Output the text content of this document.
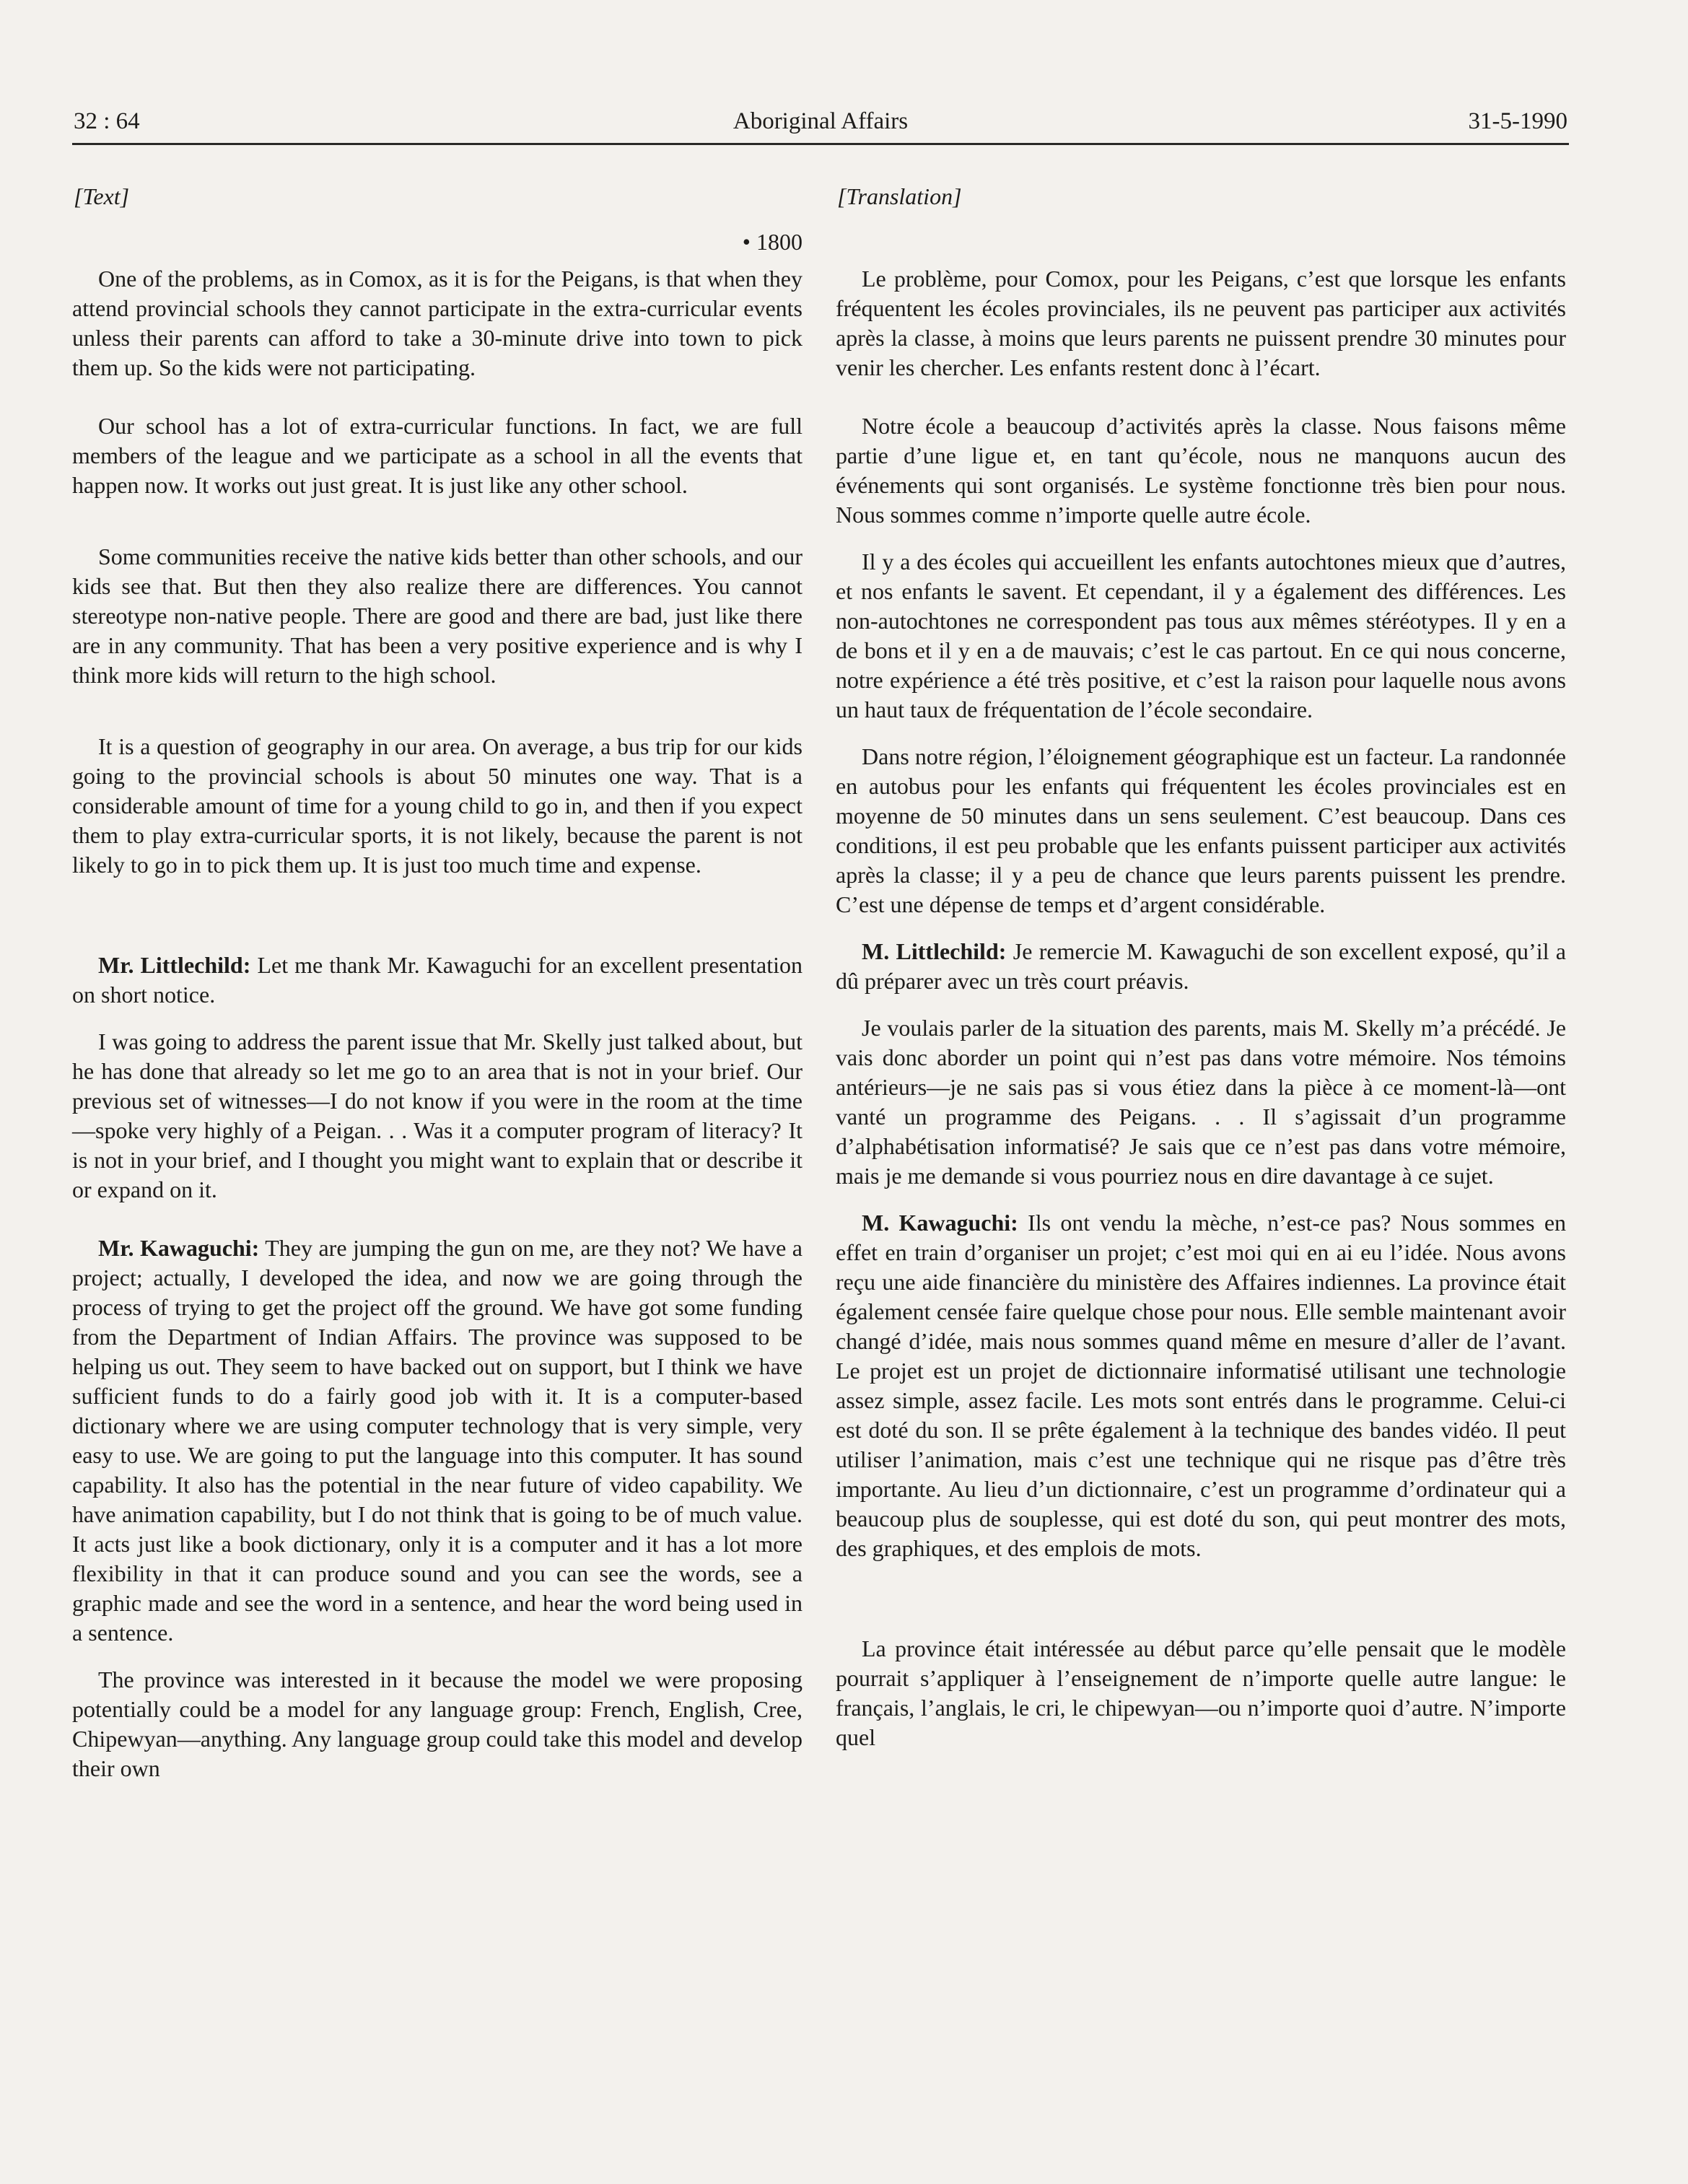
32 : 64	Aboriginal Affairs	31-5-1990
[Text]
• 1800

One of the problems, as in Comox, as it is for the Peigans, is that when they attend provincial schools they cannot participate in the extra-curricular events unless their parents can afford to take a 30-minute drive into town to pick them up. So the kids were not participating.

Our school has a lot of extra-curricular functions. In fact, we are full members of the league and we participate as a school in all the events that happen now. It works out just great. It is just like any other school.

Some communities receive the native kids better than other schools, and our kids see that. But then they also realize there are differences. You cannot stereotype non-native people. There are good and there are bad, just like there are in any community. That has been a very positive experience and is why I think more kids will return to the high school.

It is a question of geography in our area. On average, a bus trip for our kids going to the provincial schools is about 50 minutes one way. That is a considerable amount of time for a young child to go in, and then if you expect them to play extra-curricular sports, it is not likely, because the parent is not likely to go in to pick them up. It is just too much time and expense.

Mr. Littlechild: Let me thank Mr. Kawaguchi for an excellent presentation on short notice.

I was going to address the parent issue that Mr. Skelly just talked about, but he has done that already so let me go to an area that is not in your brief. Our previous set of witnesses—I do not know if you were in the room at the time—spoke very highly of a Peigan. . . Was it a computer program of literacy? It is not in your brief, and I thought you might want to explain that or describe it or expand on it.

Mr. Kawaguchi: They are jumping the gun on me, are they not? We have a project; actually, I developed the idea, and now we are going through the process of trying to get the project off the ground. We have got some funding from the Department of Indian Affairs. The province was supposed to be helping us out. They seem to have backed out on support, but I think we have sufficient funds to do a fairly good job with it. It is a computer-based dictionary where we are using computer technology that is very simple, very easy to use. We are going to put the language into this computer. It has sound capability. It also has the potential in the near future of video capability. We have animation capability, but I do not think that is going to be of much value. It acts just like a book dictionary, only it is a computer and it has a lot more flexibility in that it can produce sound and you can see the words, see a graphic made and see the word in a sentence, and hear the word being used in a sentence.

The province was interested in it because the model we were proposing potentially could be a model for any language group: French, English, Cree, Chipewyan—anything. Any language group could take this model and develop their own

[Translation]

Le problème, pour Comox, pour les Peigans, c’est que lorsque les enfants fréquentent les écoles provinciales, ils ne peuvent pas participer aux activités après la classe, à moins que leurs parents ne puissent prendre 30 minutes pour venir les chercher. Les enfants restent donc à l’écart.

Notre école a beaucoup d’activités après la classe. Nous faisons même partie d’une ligue et, en tant qu’école, nous ne manquons aucun des événements qui sont organisés. Le système fonctionne très bien pour nous. Nous sommes comme n’importe quelle autre école.

Il y a des écoles qui accueillent les enfants autochtones mieux que d’autres, et nos enfants le savent. Et cependant, il y a également des différences. Les non-autochtones ne correspondent pas tous aux mêmes stéréotypes. Il y en a de bons et il y en a de mauvais; c’est le cas partout. En ce qui nous concerne, notre expérience a été très positive, et c’est la raison pour laquelle nous avons un haut taux de fréquentation de l’école secondaire.

Dans notre région, l’éloignement géographique est un facteur. La randonnée en autobus pour les enfants qui fréquentent les écoles provinciales est en moyenne de 50 minutes dans un sens seulement. C’est beaucoup. Dans ces conditions, il est peu probable que les enfants puissent participer aux activités après la classe; il y a peu de chance que leurs parents puissent les prendre. C’est une dépense de temps et d’argent considérable.

M. Littlechild: Je remercie M. Kawaguchi de son excellent exposé, qu’il a dû préparer avec un très court préavis.

Je voulais parler de la situation des parents, mais M. Skelly m’a précédé. Je vais donc aborder un point qui n’est pas dans votre mémoire. Nos témoins antérieurs—je ne sais pas si vous étiez dans la pièce à ce moment-là—ont vanté un programme des Peigans. . . Il s’agissait d’un programme d’alphabétisation informatisé? Je sais que ce n’est pas dans votre mémoire, mais je me demande si vous pourriez nous en dire davantage à ce sujet.

M. Kawaguchi: Ils ont vendu la mèche, n’est-ce pas? Nous sommes en effet en train d’organiser un projet; c’est moi qui en ai eu l’idée. Nous avons reçu une aide financière du ministère des Affaires indiennes. La province était également censée faire quelque chose pour nous. Elle semble maintenant avoir changé d’idée, mais nous sommes quand même en mesure d’aller de l’avant. Le projet est un projet de dictionnaire informatisé utilisant une technologie assez simple, assez facile. Les mots sont entrés dans le programme. Celui-ci est doté du son. Il se prête également à la technique des bandes vidéo. Il peut utiliser l’animation, mais c’est une technique qui ne risque pas d’être très importante. Au lieu d’un dictionnaire, c’est un programme d’ordinateur qui a beaucoup plus de souplesse, qui est doté du son, qui peut montrer des mots, des graphiques, et des emplois de mots.

La province était intéressée au début parce qu’elle pensait que le modèle pourrait s’appliquer à l’enseignement de n’importe quelle autre langue: le français, l’anglais, le cri, le chipewyan—ou n’importe quoi d’autre. N’importe quel
